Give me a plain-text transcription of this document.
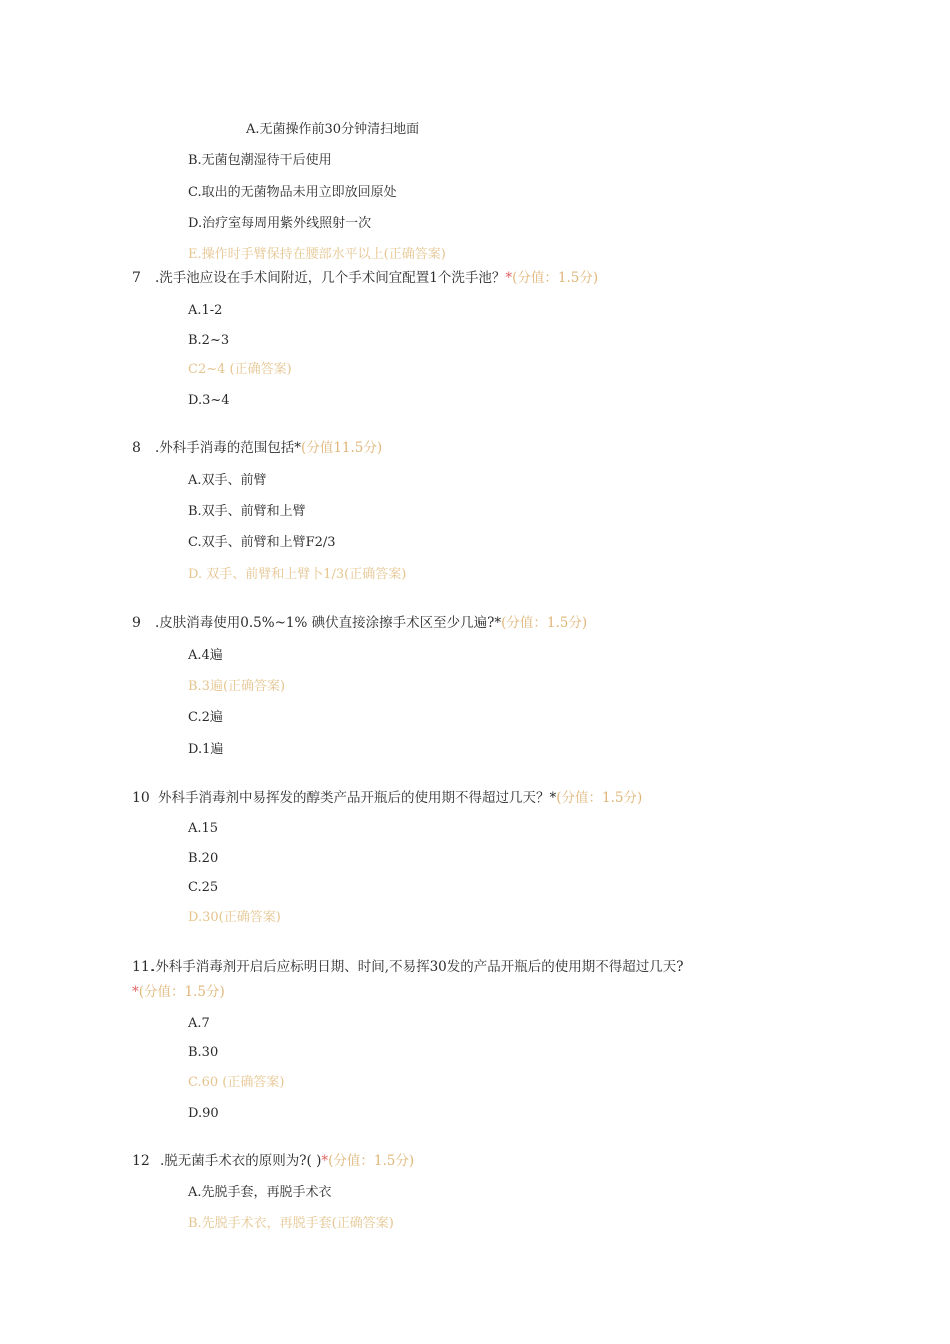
A.无菌操作前30分钟清扫地面
B.无菌包潮湿待干后使用
C.取出的无菌物品未用立即放回原处
D.治疗室每周用紫外线照射一次
E.操作时手臂保持在腰部水平以上(正确答案)
7 .洗手池应设在手术间附近，几个手术间宜配置1个洗手池？*(分值：1.5分)
A.1-2
B.2~3
C2~4 (正确答案)
D.3~4
8 .外科手消毒的范围包括*(分值11.5分)
A.双手、前臂
B.双手、前臂和上臂
C.双手、前臂和上臂F2/3
D. 双手、前臂和上臂卜1/3(正确答案)
9 .皮肤消毒使用0.5%~1% 碘伏直接涂擦手术区至少几遍?*(分值：1.5分)
A.4遍
B.3遍(正确答案)
C.2遍
D.1遍
10 外科手消毒剂中易挥发的醇类产品开瓶后的使用期不得超过几天？*(分值：1.5分)
A.15
B.20
C.25
D.30(正确答案)
11.
.外科手消毒剂开启后应标明日期、时间,不易挥30发的产品开瓶后的使用期不得超过几天?
*(分值：1.5分)
A.7
B.30
C.60 (正确答案)
D.90
12 .脱无菌手术衣的原则为?( )*(分值：1.5分)
A.先脱手套，再脱手术衣
B.先脱手术衣，再脱手套(正确答案)
